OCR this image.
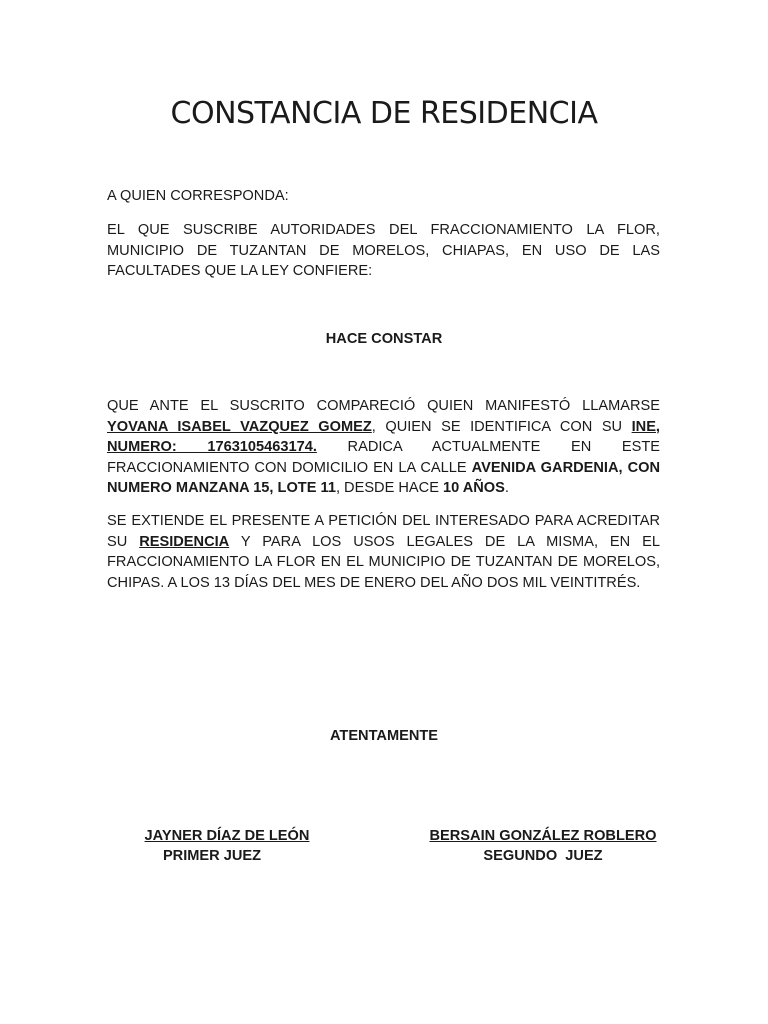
CONSTANCIA DE RESIDENCIA
A QUIEN CORRESPONDA:
EL QUE SUSCRIBE AUTORIDADES DEL FRACCIONAMIENTO LA FLOR, MUNICIPIO DE TUZANTAN DE MORELOS, CHIAPAS, EN USO DE LAS FACULTADES QUE LA LEY CONFIERE:
HACE CONSTAR
QUE ANTE EL SUSCRITO COMPARECIÓ QUIEN MANIFESTÓ LLAMARSE YOVANA ISABEL VAZQUEZ GOMEZ, QUIEN SE IDENTIFICA CON SU INE, NUMERO: 1763105463174. RADICA ACTUALMENTE EN ESTE FRACCIONAMIENTO CON DOMICILIO EN LA CALLE AVENIDA GARDENIA, CON NUMERO MANZANA 15, LOTE 11, DESDE HACE 10 AÑOS.
SE EXTIENDE EL PRESENTE A PETICIÓN DEL INTERESADO PARA ACREDITAR SU RESIDENCIA Y PARA LOS USOS LEGALES DE LA MISMA, EN EL FRACCIONAMIENTO LA FLOR EN EL MUNICIPIO DE TUZANTAN DE MORELOS, CHIPAS. A LOS 13 DÍAS DEL MES DE ENERO DEL AÑO DOS MIL VEINTITRÉS.
ATENTAMENTE
JAYNER DÍAZ DE LEÓN
PRIMER JUEZ
BERSAIN GONZÁLEZ ROBLERO
SEGUNDO  JUEZ
